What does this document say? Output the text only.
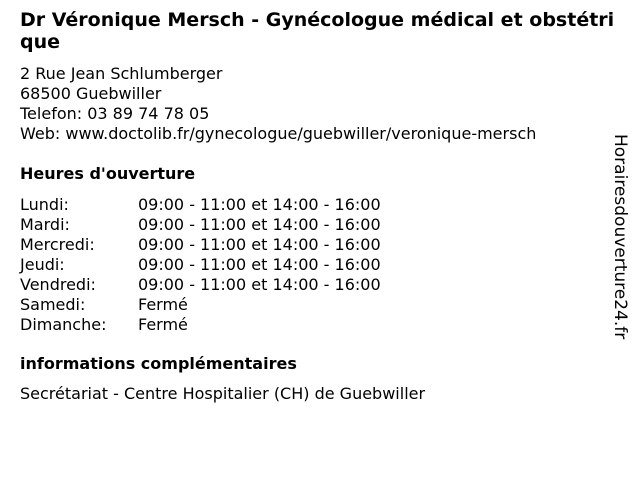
Dr Véronique Mersch - Gynécologue médical et obstétrique
2 Rue Jean Schlumberger
68500 Guebwiller
Telefon: 03 89 74 78 05
Web: www.doctolib.fr/gynecologue/guebwiller/veronique-mersch
Heures d'ouverture
Lundi:	09:00 - 11:00 et 14:00 - 16:00
Mardi:	09:00 - 11:00 et 14:00 - 16:00
Mercredi:	09:00 - 11:00 et 14:00 - 16:00
Jeudi:	09:00 - 11:00 et 14:00 - 16:00
Vendredi:	09:00 - 11:00 et 14:00 - 16:00
Samedi:	Fermé
Dimanche:	Fermé
informations complémentaires
Secrétariat - Centre Hospitalier (CH) de Guebwiller
Horairesdouverture24.fr
